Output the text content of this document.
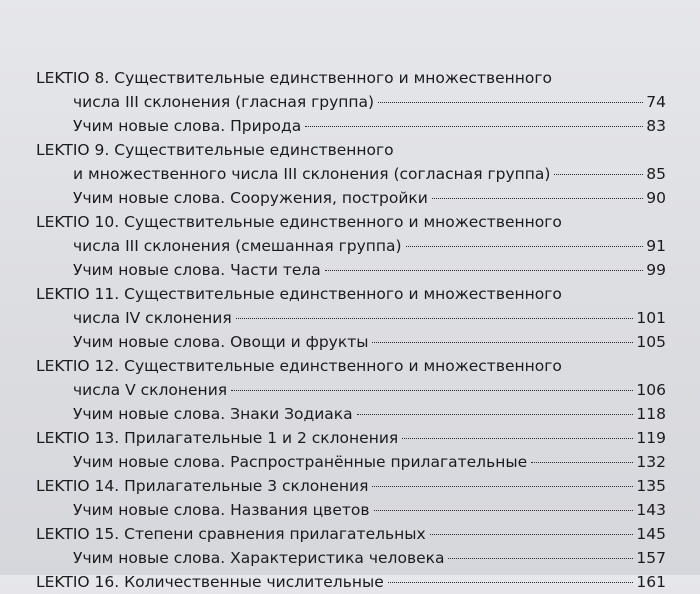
LEKTIO 8. Существительные единственного и множественного
числа III склонения (гласная группа)	74
Учим новые слова. Природа	83
LEKTIO 9. Существительные единственного
и множественного числа III склонения (согласная группа)	85
Учим новые слова. Сооружения, постройки	90
LEKTIO 10. Существительные единственного и множественного
числа III склонения (смешанная группа)	91
Учим новые слова. Части тела	99
LEKTIO 11. Существительные единственного и множественного
числа IV склонения	101
Учим новые слова. Овощи и фрукты	105
LEKTIO 12. Существительные единственного и множественного
числа V склонения	106
Учим новые слова. Знаки Зодиака	118
LEKTIO 13. Прилагательные 1 и 2 склонения	119
Учим новые слова. Распространённые прилагательные	132
LEKTIO 14. Прилагательные 3 склонения	135
Учим новые слова. Названия цветов	143
LEKTIO 15. Степени сравнения прилагательных	145
Учим новые слова. Характеристика человека	157
LEKTIO 16. Количественные числительные	161
